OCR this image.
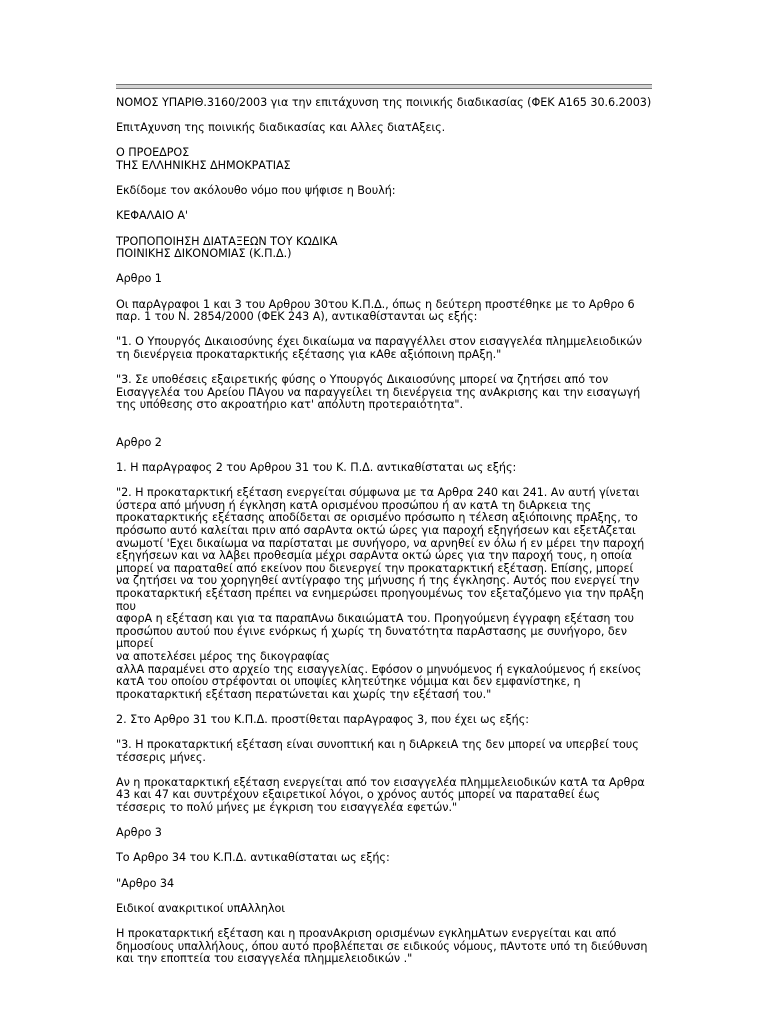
ΝΟΜΟΣ ΥΠΑΡΙΘ.3160/2003 για την επιτάχυνση της ποινικής διαδικασίας (ΦΕΚ Α165 30.6.2003)

ΕπιτΑχυνση της ποινικής διαδικασίας και Αλλες διατΑξεις.

Ο ΠΡΟΕΔΡΟΣ
ΤΗΣ ΕΛΛΗΝΙΚΗΣ ΔΗΜΟΚΡΑΤΙΑΣ

Εκδίδομε τον ακόλουθο νόμο που ψήφισε η Βουλή:

ΚΕΦΑΛΑΙΟ Α'

ΤΡΟΠΟΠΟΙΗΣΗ ΔΙΑΤΑΞΕΩΝ ΤΟΥ ΚΩΔΙΚΑ
ΠΟΙΝΙΚΗΣ ΔΙΚΟΝΟΜΙΑΣ (Κ.Π.Δ.)

Αρθρο 1

Οι παρΑγραφοι 1 και 3 του Αρθρου 30του Κ.Π.Δ., όπως η δεύτερη προστέθηκε με το Αρθρο 6
παρ. 1 του Ν. 2854/2000 (ΦΕΚ 243 Α), αντικαθίστανται ως εξής:

"1. Ο Υπουργός Δικαιοσύνης έχει δικαίωμα να παραγγέλλει στον εισαγγελέα πλημμελειοδικών
τη διενέργεια προκαταρκτικής εξέτασης για κΑθε αξιόποινη πρΑξη."

"3. Σε υποθέσεις εξαιρετικής φύσης ο Υπουργός Δικαιοσύνης μπορεί να ζητήσει από τον
Εισαγγελέα του Αρείου ΠΑγου να παραγγείλει τη διενέργεια της ανΑκρισης και την εισαγωγή
της υπόθεσης στο ακροατήριο κατ' απόλυτη προτεραιότητα".

Αρθρο 2

1. Η παρΑγραφος 2 του Αρθρου 31 του Κ. Π.Δ. αντικαθίσταται ως εξής:

"2. Η προκαταρκτική εξέταση ενεργείται σύμφωνα με τα Αρθρα 240 και 241. Αν αυτή γίνεται
ύστερα από μήνυση ή έγκληση κατΑ ορισμένου προσώπου ή αν κατΑ τη διΑρκεια της
προκαταρκτικής εξέτασης αποδίδεται σε ορισμένο πρόσωπο η τέλεση αξιόποινης πρΑξης, το
πρόσωπο αυτό καλείται πριν από σαρΑντα οκτώ ώρες για παροχή εξηγήσεων και εξετΑζεται
ανωμοτί 'Εχει δικαίωμα να παρίσταται με συνήγορο, να αρνηθεί εν όλω ή εν μέρει την παροχή
εξηγήσεων και να λΑβει προθεσμία μέχρι σαρΑντα οκτώ ώρες για την παροχή τους, η οποία
μπορεί να παραταθεί από εκείνον που διενεργεί την προκαταρκτική εξέταση. Επίσης, μπορεί
να ζητήσει να του χορηγηθεί αντίγραφο της μήνυσης ή της έγκλησης. Αυτός που ενεργεί την
προκαταρκτική εξέταση πρέπει να ενημερώσει προηγουμένως τον εξεταζόμενο για την πρΑξη
που
αφορΑ η εξέταση και για τα παραπΑνω δικαιώματΑ του. Προηγούμενη έγγραφη εξέταση του
προσώπου αυτού που έγινε ενόρκως ή χωρίς τη δυνατότητα παρΑστασης με συνήγορο, δεν
μπορεί
να αποτελέσει μέρος της δικογραφίας
αλλΑ παραμένει στο αρχείο της εισαγγελίας. Εφόσον ο μηνυόμενος ή εγκαλούμενος ή εκείνος
κατΑ του οποίου στρέφονται οι υποψίες κλητεύτηκε νόμιμα και δεν εμφανίστηκε, η
προκαταρκτική εξέταση περατώνεται και χωρίς την εξέτασή του."

2. Στο Αρθρο 31 του Κ.Π.Δ. προστίθεται παρΑγραφος 3, που έχει ως εξής:

"3. Η προκαταρκτική εξέταση είναι συνοπτική και η διΑρκειΑ της δεν μπορεί να υπερβεί τους
τέσσερις μήνες.

Αν η προκαταρκτική εξέταση ενεργείται από τον εισαγγελέα πλημμελειοδικών κατΑ τα Αρθρα
43 και 47 και συντρέχουν εξαιρετικοί λόγοι, ο χρόνος αυτός μπορεί να παραταθεί έως
τέσσερις το πολύ μήνες με έγκριση του εισαγγελέα εφετών."

Αρθρο 3

Το Αρθρο 34 του Κ.Π.Δ. αντικαθίσταται ως εξής:

"Αρθρο 34

Ειδικοί ανακριτικοί υπΑλληλοι

Η προκαταρκτική εξέταση και η προανΑκριση ορισμένων εγκλημΑτων ενεργείται και από
δημοσίους υπαλλήλους, όπου αυτό προβλέπεται σε ειδικούς νόμους, πΑντοτε υπό τη διεύθυνση
και την εποπτεία του εισαγγελέα πλημμελειοδικών ."
